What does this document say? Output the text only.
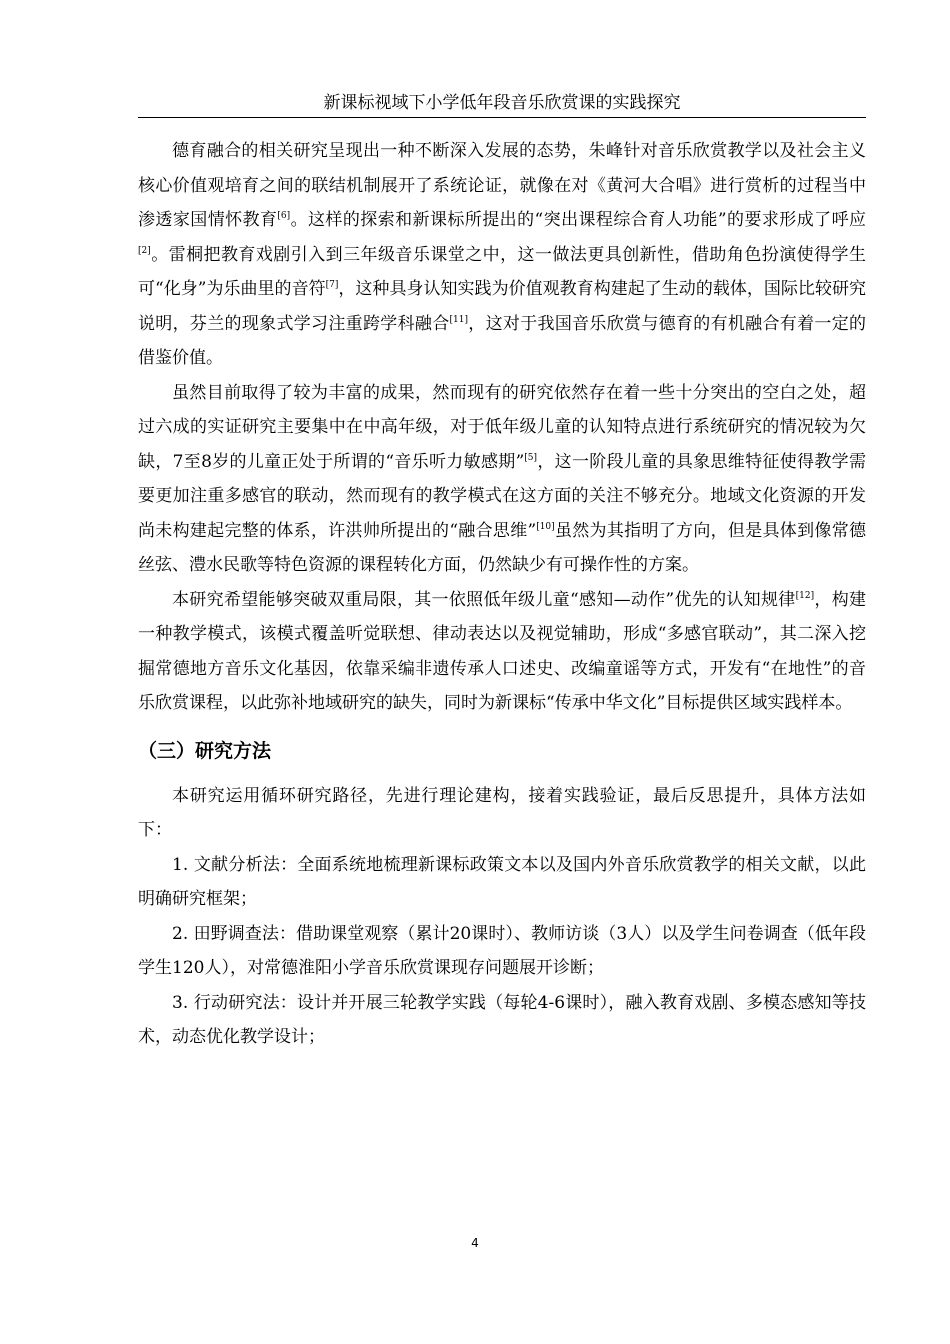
新课标视域下小学低年段音乐欣赏课的实践探究

德育融合的相关研究呈现出一种不断深入发展的态势，朱峰针对音乐欣赏教学以及社会主义核心价值观培育之间的联结机制展开了系统论证，就像在对《黄河大合唱》进行赏析的过程当中渗透家国情怀教育[6]。这样的探索和新课标所提出的“突出课程综合育人功能”的要求形成了呼应[2]。雷桐把教育戏剧引入到三年级音乐课堂之中，这一做法更具创新性，借助角色扮演使得学生可“化身”为乐曲里的音符[7]，这种具身认知实践为价值观教育构建起了生动的载体，国际比较研究说明，芬兰的现象式学习注重跨学科融合[11]，这对于我国音乐欣赏与德育的有机融合有着一定的借鉴价值。

虽然目前取得了较为丰富的成果，然而现有的研究依然存在着一些十分突出的空白之处，超过六成的实证研究主要集中在中高年级，对于低年级儿童的认知特点进行系统研究的情况较为欠缺，7至8岁的儿童正处于所谓的“音乐听力敏感期”[5]，这一阶段儿童的具象思维特征使得教学需要更加注重多感官的联动，然而现有的教学模式在这方面的关注不够充分。地域文化资源的开发尚未构建起完整的体系，许洪帅所提出的“融合思维”[10]虽然为其指明了方向，但是具体到像常德丝弦、澧水民歌等特色资源的课程转化方面，仍然缺少有可操作性的方案。

本研究希望能够突破双重局限，其一依照低年级儿童“感知—动作”优先的认知规律[12]，构建一种教学模式，该模式覆盖听觉联想、律动表达以及视觉辅助，形成“多感官联动”，其二深入挖掘常德地方音乐文化基因，依靠采编非遗传承人口述史、改编童谣等方式，开发有“在地性”的音乐欣赏课程，以此弥补地域研究的缺失，同时为新课标“传承中华文化”目标提供区域实践样本。

（三）研究方法

本研究运用循环研究路径，先进行理论建构，接着实践验证，最后反思提升，具体方法如下：

1. 文献分析法：全面系统地梳理新课标政策文本以及国内外音乐欣赏教学的相关文献，以此明确研究框架；

2. 田野调查法：借助课堂观察（累计20课时）、教师访谈（3人）以及学生问卷调查（低年段学生120人），对常德淮阳小学音乐欣赏课现存问题展开诊断；

3. 行动研究法：设计并开展三轮教学实践（每轮4-6课时），融入教育戏剧、多模态感知等技术，动态优化教学设计；

4
